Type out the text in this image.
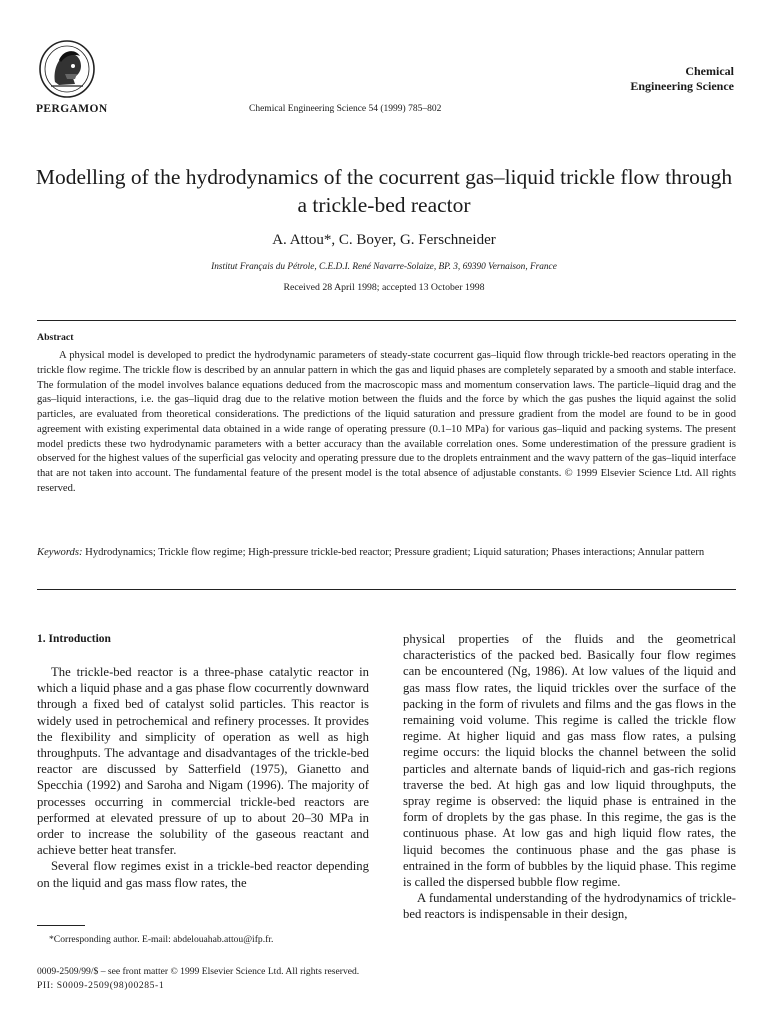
PERGAMON	Chemical Engineering Science 54 (1999) 785–802
Chemical
Engineering Science
Modelling of the hydrodynamics of the cocurrent gas–liquid trickle flow through a trickle-bed reactor
A. Attou*, C. Boyer, G. Ferschneider
Institut Français du Pétrole, C.E.D.I. René Navarre-Solaize, BP. 3, 69390 Vernaison, France
Received 28 April 1998; accepted 13 October 1998
Abstract
A physical model is developed to predict the hydrodynamic parameters of steady-state cocurrent gas–liquid flow through trickle-bed reactors operating in the trickle flow regime. The trickle flow is described by an annular pattern in which the gas and liquid phases are completely separated by a smooth and stable interface. The formulation of the model involves balance equations deduced from the macroscopic mass and momentum conservation laws. The particle–liquid drag and the gas–liquid interactions, i.e. the gas–liquid drag due to the relative motion between the fluids and the force by which the gas pushes the liquid against the solid particles, are evaluated from theoretical considerations. The predictions of the liquid saturation and pressure gradient from the model are found to be in good agreement with existing experimental data obtained in a wide range of operating pressure (0.1–10 MPa) for various gas–liquid and packing systems. The present model predicts these two hydrodynamic parameters with a better accuracy than the available correlation ones. Some underestimation of the pressure gradient is observed for the highest values of the superficial gas velocity and operating pressure due to the droplets entrainment and the wavy pattern of the gas–liquid interface that are not taken into account. The fundamental feature of the present model is the total absence of adjustable constants. © 1999 Elsevier Science Ltd. All rights reserved.
Keywords: Hydrodynamics; Trickle flow regime; High-pressure trickle-bed reactor; Pressure gradient; Liquid saturation; Phases interactions; Annular pattern
1. Introduction

The trickle-bed reactor is a three-phase catalytic reactor in which a liquid phase and a gas phase flow cocurrently downward through a fixed bed of catalyst solid particles. This reactor is widely used in petrochemical and refinery processes. It provides the flexibility and simplicity of operation as well as high throughputs. The advantage and disadvantages of the trickle-bed reactor are discussed by Satterfield (1975), Gianetto and Specchia (1992) and Saroha and Nigam (1996). The majority of processes occurring in commercial trickle-bed reactors are performed at elevated pressure of up to about 20–30 MPa in order to increase the solubility of the gaseous reactant and achieve better heat transfer.

Several flow regimes exist in a trickle-bed reactor depending on the liquid and gas mass flow rates, the

physical properties of the fluids and the geometrical characteristics of the packed bed. Basically four flow regimes can be encountered (Ng, 1986). At low values of the liquid and gas mass flow rates, the liquid trickles over the surface of the packing in the form of rivulets and films and the gas flows in the remaining void volume. This regime is called the trickle flow regime. At higher liquid and gas mass flow rates, a pulsing regime occurs: the liquid blocks the channel between the solid particles and alternate bands of liquid-rich and gas-rich regions traverse the bed. At high gas and low liquid throughputs, the spray regime is observed: the liquid phase is entrained in the form of droplets by the gas phase. In this regime, the gas is the continuous phase. At low gas and high liquid flow rates, the liquid becomes the continuous phase and the gas phase is entrained in the form of bubbles by the liquid phase. This regime is called the dispersed bubble flow regime.

A fundamental understanding of the hydrodynamics of trickle-bed reactors is indispensable in their design,

*Corresponding author. E-mail: abdelouahab.attou@ifp.fr.
0009-2509/99/$ – see front matter © 1999 Elsevier Science Ltd. All rights reserved.
PII: S0009-2509(98)00285-1
